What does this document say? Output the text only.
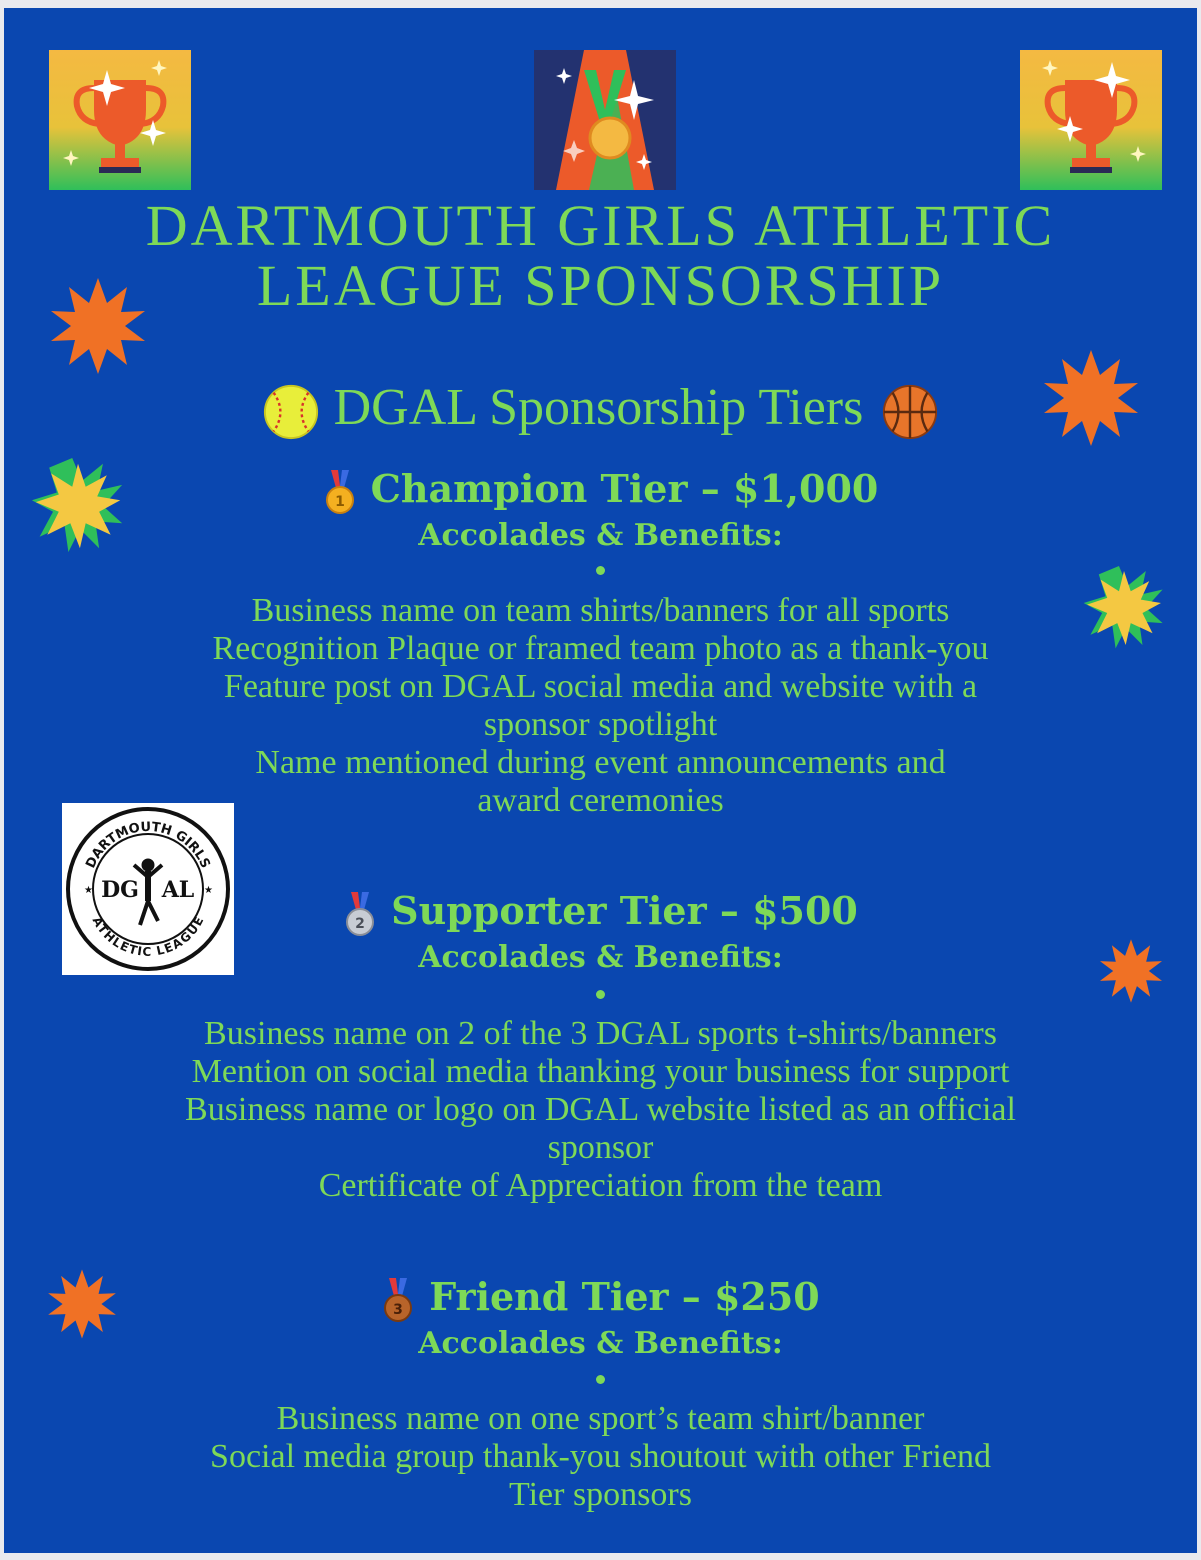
DARTMOUTH GIRLS ATHLETIC
LEAGUE SPONSORSHIP
DGAL Sponsorship Tiers
1 Champion Tier – $1,000
Accolades & Benefits:
Business name on team shirts/banners for all sports
Recognition Plaque or framed team photo as a thank-you
Feature post on DGAL social media and website with a
sponsor spotlight
Name mentioned during event announcements and
award ceremonies
DARTMOUTH GIRLS
ATHLETIC LEAGUE
DG AL
★	★
2 Supporter Tier – $500
Accolades & Benefits:
Business name on 2 of the 3 DGAL sports t-shirts/banners
Mention on social media thanking your business for support
Business name or logo on DGAL website listed as an official
sponsor
Certificate of Appreciation from the team
3 Friend Tier – $250
Accolades & Benefits:
Business name on one sport’s team shirt/banner
Social media group thank-you shoutout with other Friend
Tier sponsors
